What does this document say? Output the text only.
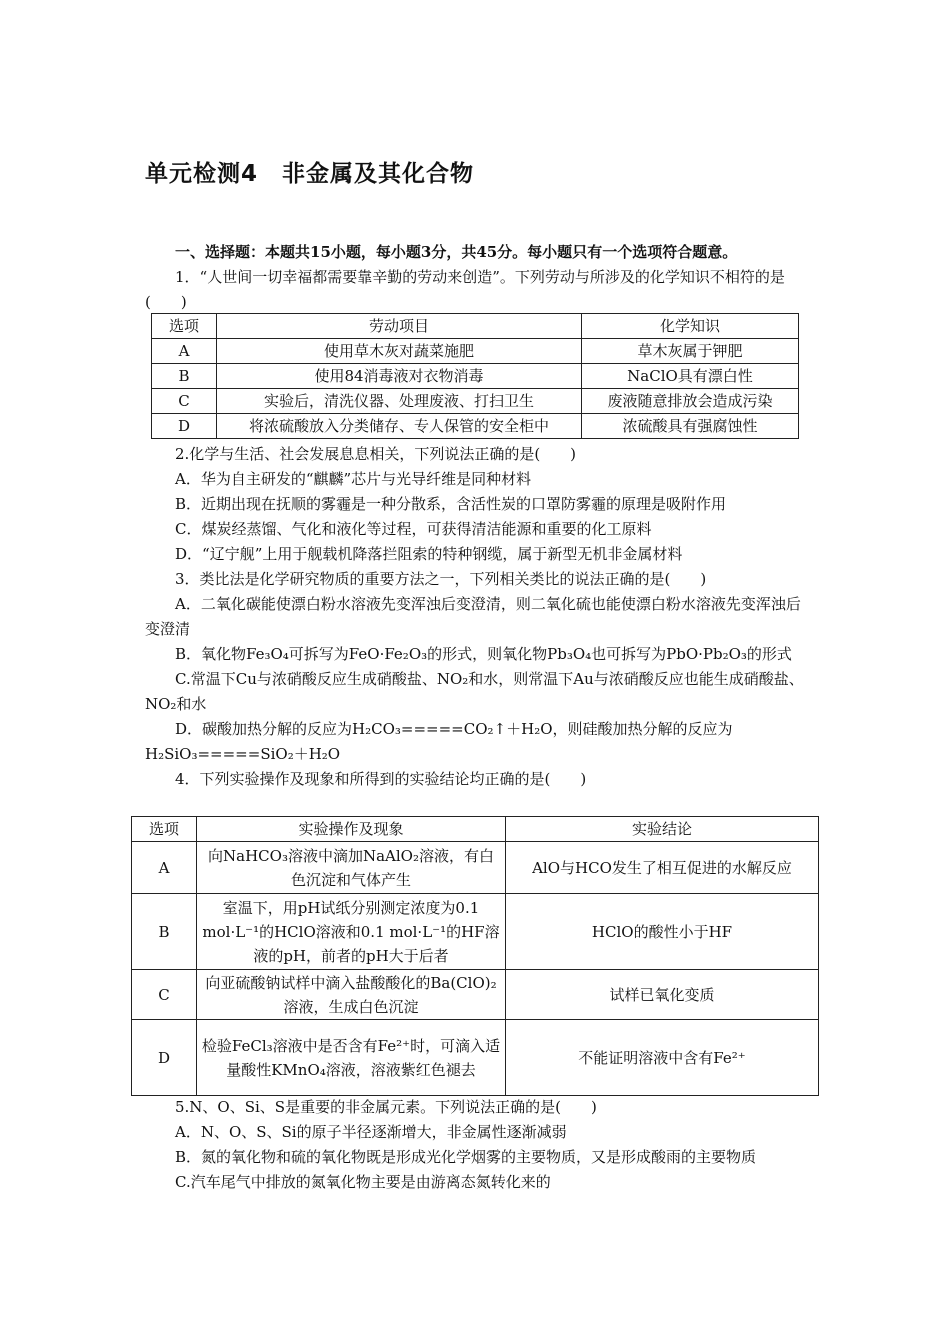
单元检测4　非金属及其化合物

一、选择题：本题共15小题，每小题3分，共45分。每小题只有一个选项符合题意。

1．“人世间一切幸福都需要靠辛勤的劳动来创造”。下列劳动与所涉及的化学知识不相符的是(　　)

选项	劳动项目	化学知识
A	使用草木灰对蔬菜施肥	草木灰属于钾肥
B	使用84消毒液对衣物消毒	NaClO具有漂白性
C	实验后，清洗仪器、处理废液、打扫卫生	废液随意排放会造成污染
D	将浓硫酸放入分类储存、专人保管的安全柜中	浓硫酸具有强腐蚀性

2.化学与生活、社会发展息息相关，下列说法正确的是(　　)

A．华为自主研发的“麒麟”芯片与光导纤维是同种材料

B．近期出现在抚顺的雾霾是一种分散系，含活性炭的口罩防雾霾的原理是吸附作用

C．煤炭经蒸馏、气化和液化等过程，可获得清洁能源和重要的化工原料

D．“辽宁舰”上用于舰载机降落拦阻索的特种钢缆，属于新型无机非金属材料

3．类比法是化学研究物质的重要方法之一，下列相关类比的说法正确的是(　　)

A．二氧化碳能使漂白粉水溶液先变浑浊后变澄清，则二氧化硫也能使漂白粉水溶液先变浑浊后变澄清

B．氧化物Fe₃O₄可拆写为FeO·Fe₂O₃的形式，则氧化物Pb₃O₄也可拆写为PbO·Pb₂O₃的形式

C.常温下Cu与浓硝酸反应生成硝酸盐、NO₂和水，则常温下Au与浓硝酸反应也能生成硝酸盐、NO₂和水

D．碳酸加热分解的反应为H₂CO₃=====CO₂↑＋H₂O，则硅酸加热分解的反应为H₂SiO₃=====SiO₂＋H₂O

4．下列实验操作及现象和所得到的实验结论均正确的是(　　)

选项	实验操作及现象	实验结论
A	向NaHCO₃溶液中滴加NaAlO₂溶液，有白色沉淀和气体产生	AlO与HCO发生了相互促进的水解反应
B	室温下，用pH试纸分别测定浓度为0.1 mol·L⁻¹的HClO溶液和0.1 mol·L⁻¹的HF溶液的pH，前者的pH大于后者	HClO的酸性小于HF
C	向亚硫酸钠试样中滴入盐酸酸化的Ba(ClO)₂溶液，生成白色沉淀	试样已氧化变质
D	检验FeCl₃溶液中是否含有Fe²⁺时，可滴入适量酸性KMnO₄溶液，溶液紫红色褪去	不能证明溶液中含有Fe²⁺

5.N、O、Si、S是重要的非金属元素。下列说法正确的是(　　)

A．N、O、S、Si的原子半径逐渐增大，非金属性逐渐减弱

B．氮的氧化物和硫的氧化物既是形成光化学烟雾的主要物质，又是形成酸雨的主要物质

C.汽车尾气中排放的氮氧化物主要是由游离态氮转化来的
